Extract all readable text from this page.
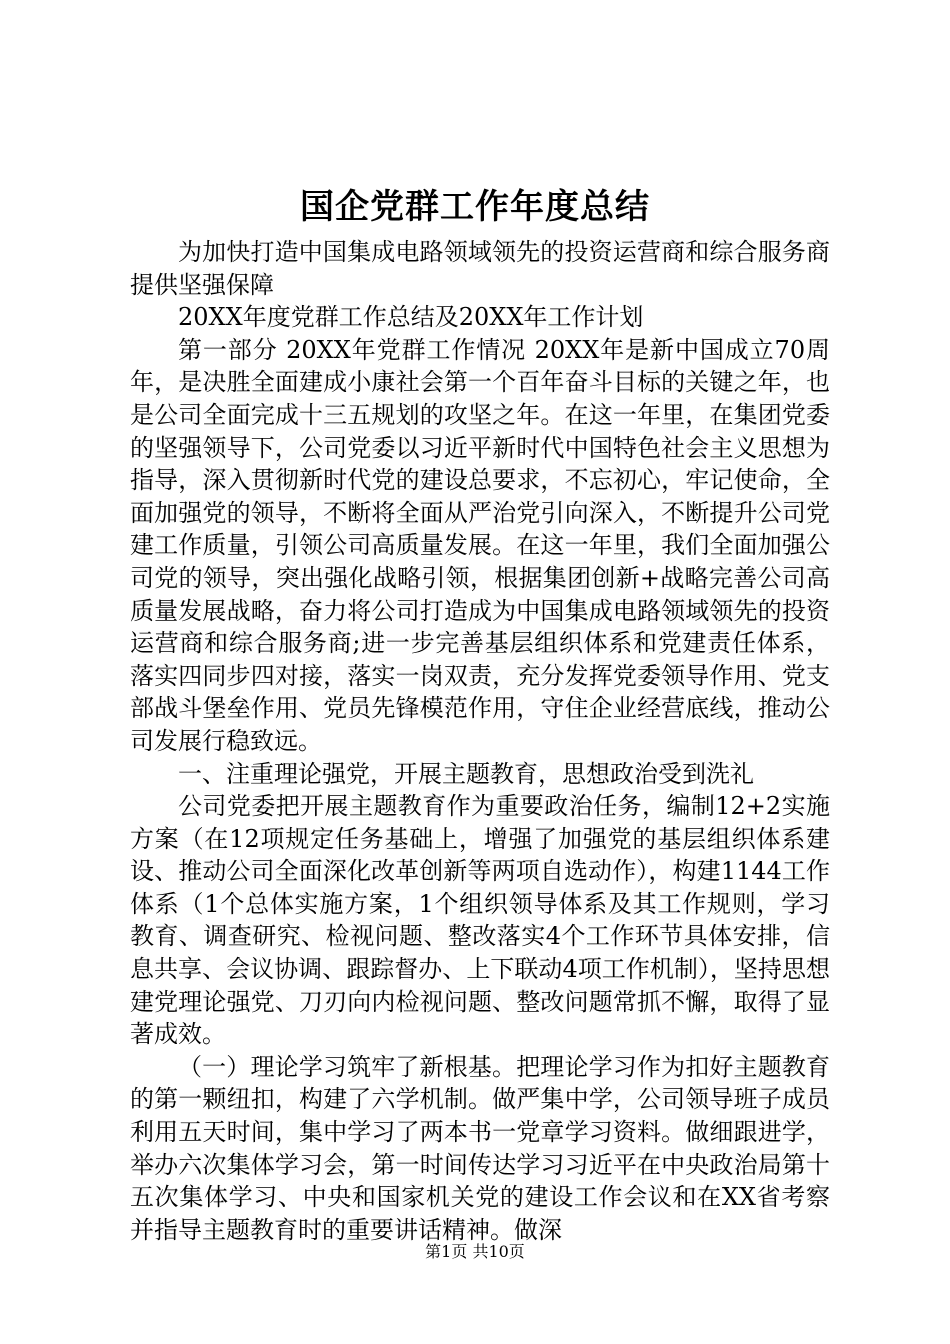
国企党群工作年度总结

为加快打造中国集成电路领域领先的投资运营商和综合服务商提供坚强保障

20XX年度党群工作总结及20XX年工作计划

第一部分 20XX年党群工作情况 20XX年是新中国成立70周年，是决胜全面建成小康社会第一个百年奋斗目标的关键之年，也是公司全面完成十三五规划的攻坚之年。在这一年里，在集团党委的坚强领导下，公司党委以习近平新时代中国特色社会主义思想为指导，深入贯彻新时代党的建设总要求，不忘初心，牢记使命，全面加强党的领导，不断将全面从严治党引向深入，不断提升公司党建工作质量，引领公司高质量发展。在这一年里，我们全面加强公司党的领导，突出强化战略引领，根据集团创新+战略完善公司高质量发展战略，奋力将公司打造成为中国集成电路领域领先的投资运营商和综合服务商;进一步完善基层组织体系和党建责任体系，落实四同步四对接，落实一岗双责，充分发挥党委领导作用、党支部战斗堡垒作用、党员先锋模范作用，守住企业经营底线，推动公司发展行稳致远。

一、注重理论强党，开展主题教育，思想政治受到洗礼

公司党委把开展主题教育作为重要政治任务，编制12+2实施方案（在12项规定任务基础上，增强了加强党的基层组织体系建设、推动公司全面深化改革创新等两项自选动作），构建1144工作体系（1个总体实施方案，1个组织领导体系及其工作规则，学习教育、调查研究、检视问题、整改落实4个工作环节具体安排，信息共享、会议协调、跟踪督办、上下联动4项工作机制），坚持思想建党理论强党、刀刃向内检视问题、整改问题常抓不懈，取得了显著成效。

（一）理论学习筑牢了新根基。把理论学习作为扣好主题教育的第一颗纽扣，构建了六学机制。做严集中学，公司领导班子成员利用五天时间，集中学习了两本书一党章学习资料。做细跟进学，举办六次集体学习会，第一时间传达学习习近平在中央政治局第十五次集体学习、中央和国家机关党的建设工作会议和在XX省考察并指导主题教育时的重要讲话精神。做深

第1页 共10页
